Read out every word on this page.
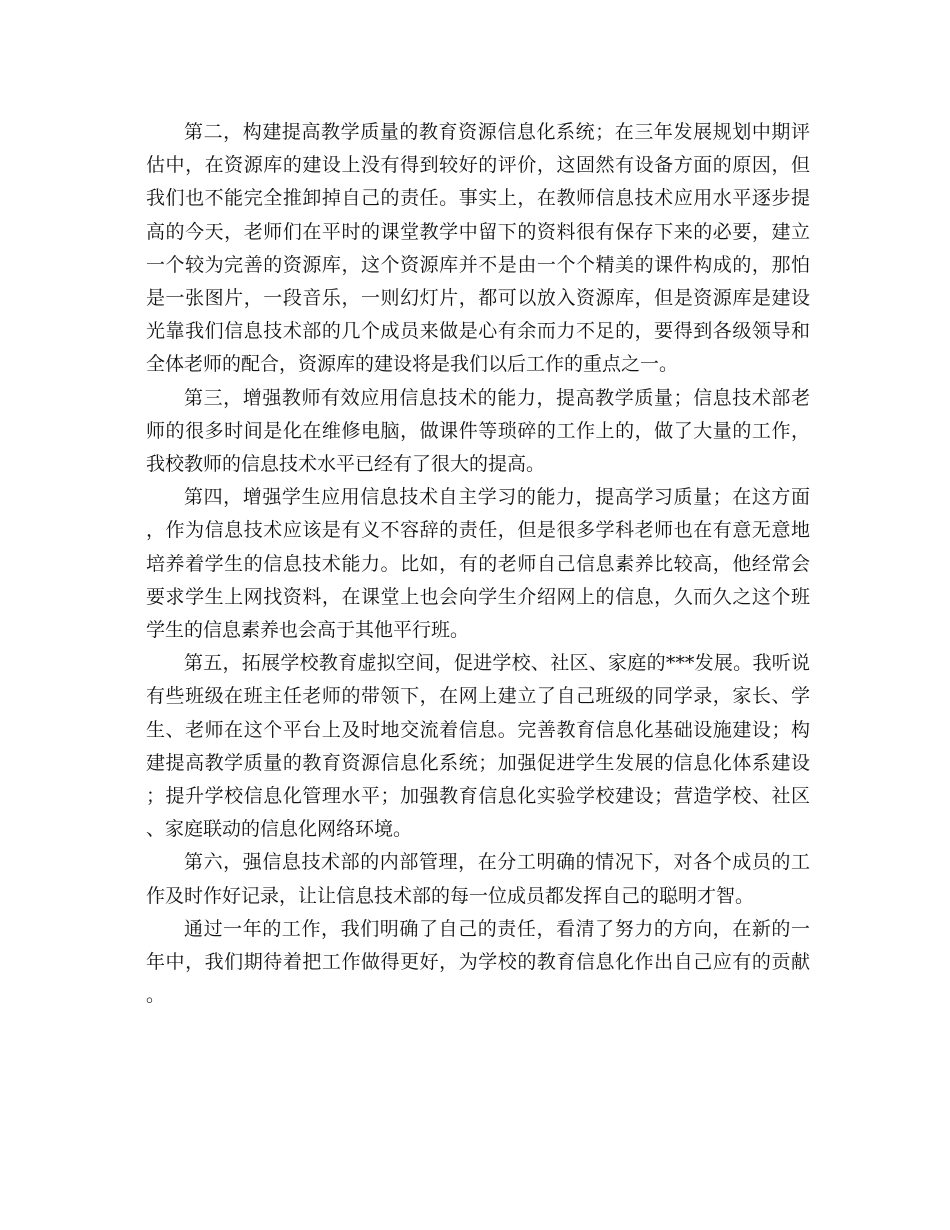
第二，构建提高教学质量的教育资源信息化系统；在三年发展规划中期评估中，在资源库的建设上没有得到较好的评价，这固然有设备方面的原因，但我们也不能完全推卸掉自己的责任。事实上，在教师信息技术应用水平逐步提高的今天，老师们在平时的课堂教学中留下的资料很有保存下来的必要，建立一个较为完善的资源库，这个资源库并不是由一个个精美的课件构成的，那怕是一张图片，一段音乐，一则幻灯片，都可以放入资源库，但是资源库是建设光靠我们信息技术部的几个成员来做是心有余而力不足的，要得到各级领导和全体老师的配合，资源库的建设将是我们以后工作的重点之一。

第三，增强教师有效应用信息技术的能力，提高教学质量；信息技术部老师的很多时间是化在维修电脑，做课件等琐碎的工作上的，做了大量的工作，我校教师的信息技术水平已经有了很大的提高。

第四，增强学生应用信息技术自主学习的能力，提高学习质量；在这方面，作为信息技术应该是有义不容辞的责任，但是很多学科老师也在有意无意地培养着学生的信息技术能力。比如，有的老师自己信息素养比较高，他经常会要求学生上网找资料，在课堂上也会向学生介绍网上的信息，久而久之这个班学生的信息素养也会高于其他平行班。

第五，拓展学校教育虚拟空间，促进学校、社区、家庭的***发展。我听说有些班级在班主任老师的带领下，在网上建立了自己班级的同学录，家长、学生、老师在这个平台上及时地交流着信息。完善教育信息化基础设施建设；构建提高教学质量的教育资源信息化系统；加强促进学生发展的信息化体系建设；提升学校信息化管理水平；加强教育信息化实验学校建设；营造学校、社区、家庭联动的信息化网络环境。

第六，强信息技术部的内部管理，在分工明确的情况下，对各个成员的工作及时作好记录，让让信息技术部的每一位成员都发挥自己的聪明才智。

通过一年的工作，我们明确了自己的责任，看清了努力的方向，在新的一年中，我们期待着把工作做得更好，为学校的教育信息化作出自己应有的贡献。
